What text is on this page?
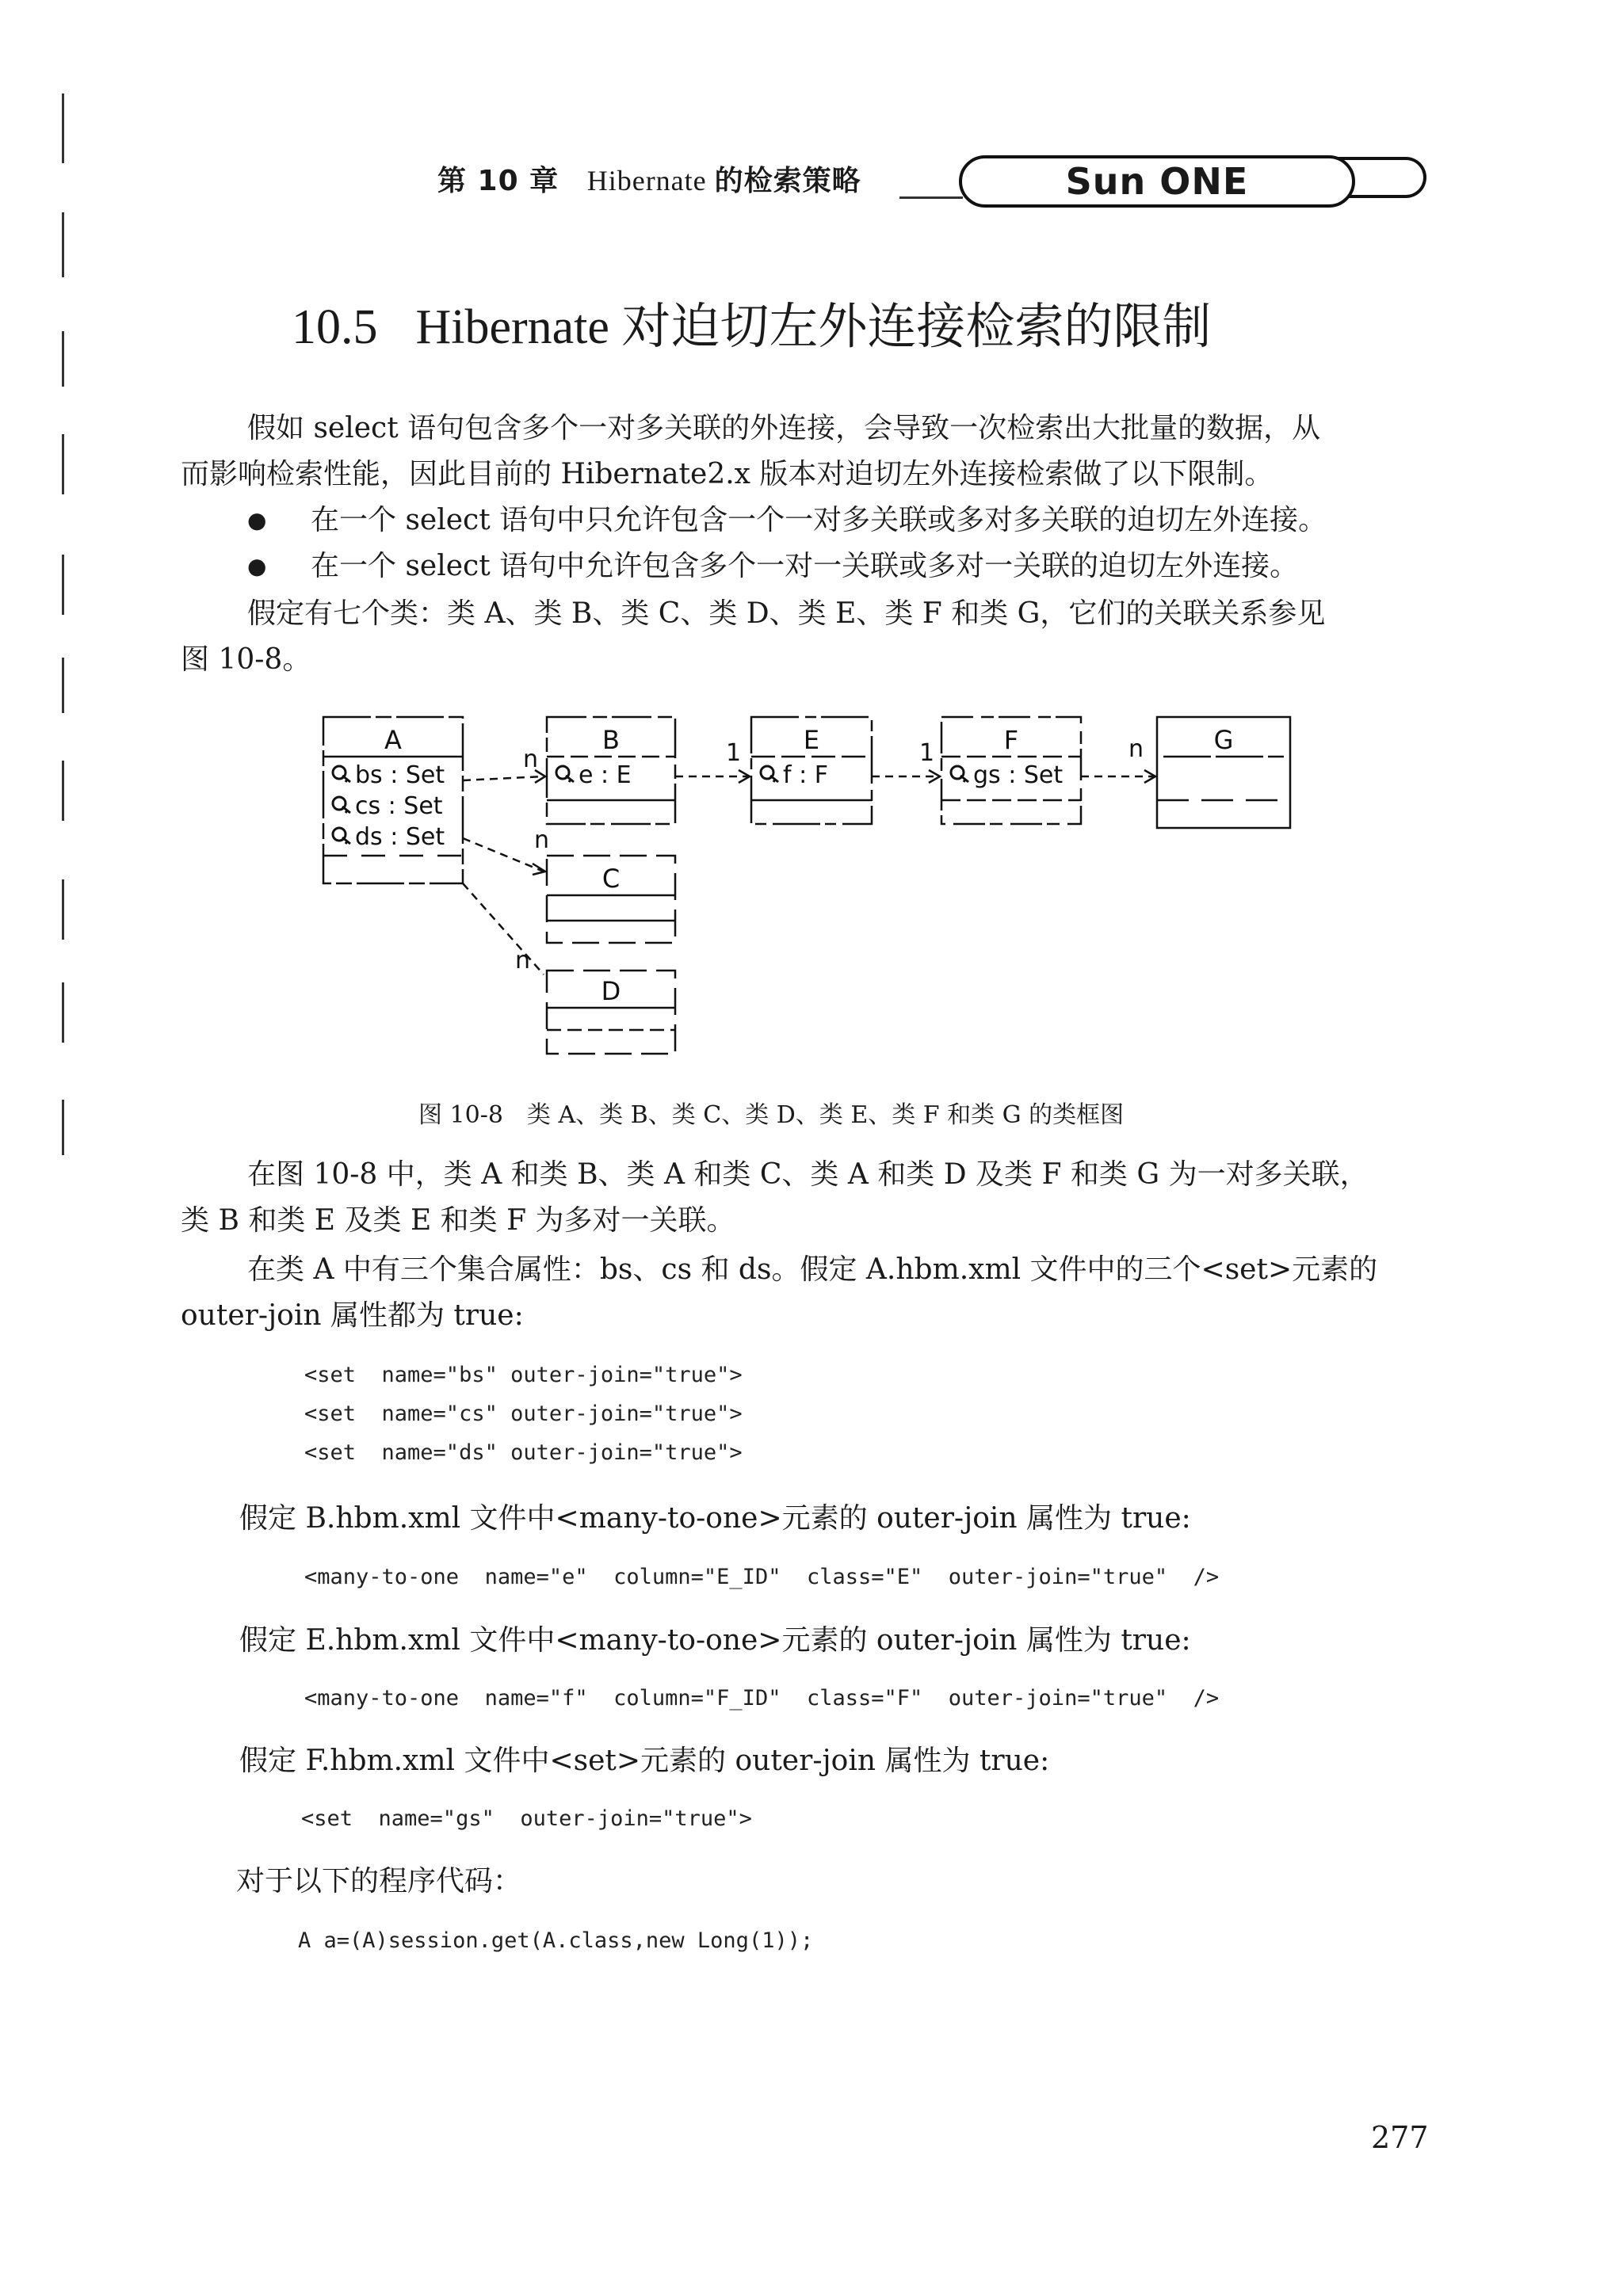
第 10 章 Hibernate 的检索策略	Sun ONE
10.5 Hibernate 对迫切左外连接检索的限制
假如 select 语句包含多个一对多关联的外连接，会导致一次检索出大批量的数据，从
而影响检索性能，因此目前的 Hibernate2.x 版本对迫切左外连接检索做了以下限制。
● 在一个 select 语句中只允许包含一个一对多关联或多对多关联的迫切左外连接。
● 在一个 select 语句中允许包含多个一对一关联或多对一关联的迫切左外连接。
假定有七个类：类 A、类 B、类 C、类 D、类 E、类 F 和类 G，它们的关联关系参见
图 10-8。
A	B
C
D
E	F	G
bs : Set
cs : Set
ds : Set
e : E	f : F	gs : Set
n
n
n
1	1	n
图 10-8　类 A、类 B、类 C、类 D、类 E、类 F 和类 G 的类框图
在图 10-8 中，类 A 和类 B、类 A 和类 C、类 A 和类 D 及类 F 和类 G 为一对多关联，
类 B 和类 E 及类 E 和类 F 为多对一关联。
在类 A 中有三个集合属性：bs、cs 和 ds。假定 A.hbm.xml 文件中的三个<set>元素的
outer-join 属性都为 true:
<set  name="bs" outer-join="true">
<set  name="cs" outer-join="true">
<set  name="ds" outer-join="true">
假定 B.hbm.xml 文件中<many-to-one>元素的 outer-join 属性为 true:
<many-to-one  name="e"  column="E_ID"  class="E"  outer-join="true"  />
假定 E.hbm.xml 文件中<many-to-one>元素的 outer-join 属性为 true:
<many-to-one  name="f"  column="F_ID"  class="F"  outer-join="true"  />
假定 F.hbm.xml 文件中<set>元素的 outer-join 属性为 true:
<set  name="gs"  outer-join="true">
对于以下的程序代码：
A a=(A)session.get(A.class,new Long(1));
277
